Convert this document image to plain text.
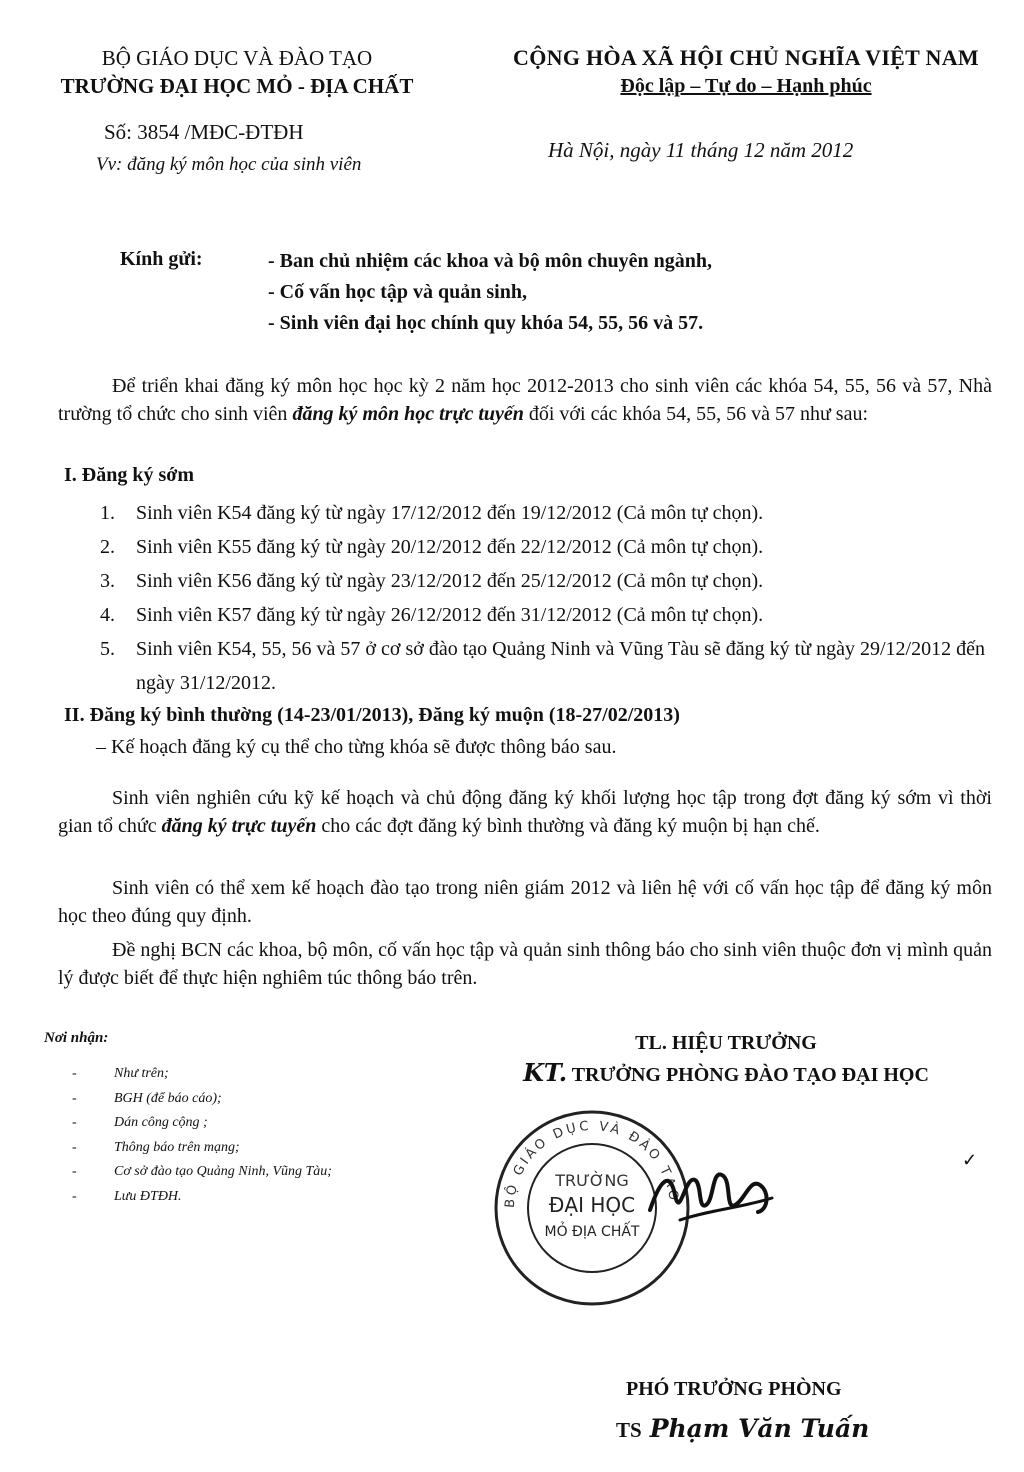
BỘ GIÁO DỤC VÀ ĐÀO TẠO
TRƯỜNG ĐẠI HỌC MỎ - ĐỊA CHẤT
CỘNG HÒA XÃ HỘI CHỦ NGHĨA VIỆT NAM
Độc lập – Tự do – Hạnh phúc
Số: 3854 /MĐC-ĐTĐH
Vv: đăng ký môn học của sinh viên
Hà Nội, ngày 11 tháng 12 năm 2012
Kính gửi:	- Ban chủ nhiệm các khoa và bộ môn chuyên ngành,
- Cố vấn học tập và quản sinh,
- Sinh viên đại học chính quy khóa 54, 55, 56 và 57.
Để triển khai đăng ký môn học học kỳ 2 năm học 2012-2013 cho sinh viên các khóa 54, 55, 56 và 57, Nhà trường tổ chức cho sinh viên đăng ký môn học trực tuyến đối với các khóa 54, 55, 56 và 57 như sau:
I. Đăng ký sớm
1.	Sinh viên K54 đăng ký từ ngày 17/12/2012 đến 19/12/2012 (Cả môn tự chọn).
2.	Sinh viên K55 đăng ký từ ngày 20/12/2012 đến 22/12/2012 (Cả môn tự chọn).
3.	Sinh viên K56 đăng ký từ ngày 23/12/2012 đến 25/12/2012 (Cả môn tự chọn).
4.	Sinh viên K57 đăng ký từ ngày 26/12/2012 đến 31/12/2012 (Cả môn tự chọn).
5.	Sinh viên K54, 55, 56 và 57 ở cơ sở đào tạo Quảng Ninh và Vũng Tàu sẽ đăng ký từ ngày 29/12/2012 đến ngày 31/12/2012.
II. Đăng ký bình thường (14-23/01/2013), Đăng ký muộn (18-27/02/2013)
– Kế hoạch đăng ký cụ thể cho từng khóa sẽ được thông báo sau.
Sinh viên nghiên cứu kỹ kế hoạch và chủ động đăng ký khối lượng học tập trong đợt đăng ký sớm vì thời gian tổ chức đăng ký trực tuyến cho các đợt đăng ký bình thường và đăng ký muộn bị hạn chế.
Sinh viên có thể xem kế hoạch đào tạo trong niên giám 2012 và liên hệ với cố vấn học tập để đăng ký môn học theo đúng quy định.
Đề nghị BCN các khoa, bộ môn, cố vấn học tập và quản sinh thông báo cho sinh viên thuộc đơn vị mình quản lý được biết để thực hiện nghiêm túc thông báo trên.
Nơi nhận:
-	Như trên;
-	BGH (để báo cáo);
-	Dán công cộng ;
-	Thông báo trên mạng;
-	Cơ sở đào tạo Quảng Ninh, Vũng Tàu;
-	Lưu ĐTĐH.
TL. HIỆU TRƯỞNG
KT. TRƯỞNG PHÒNG ĐÀO TẠO ĐẠI HỌC
BỘ GIÁO DỤC VÀ ĐÀO TẠO
TRƯỜNG
ĐẠI HỌC
MỎ ĐỊA CHẤT
✓
PHÓ TRƯỞNG PHÒNG
TS Phạm Văn Tuấn
